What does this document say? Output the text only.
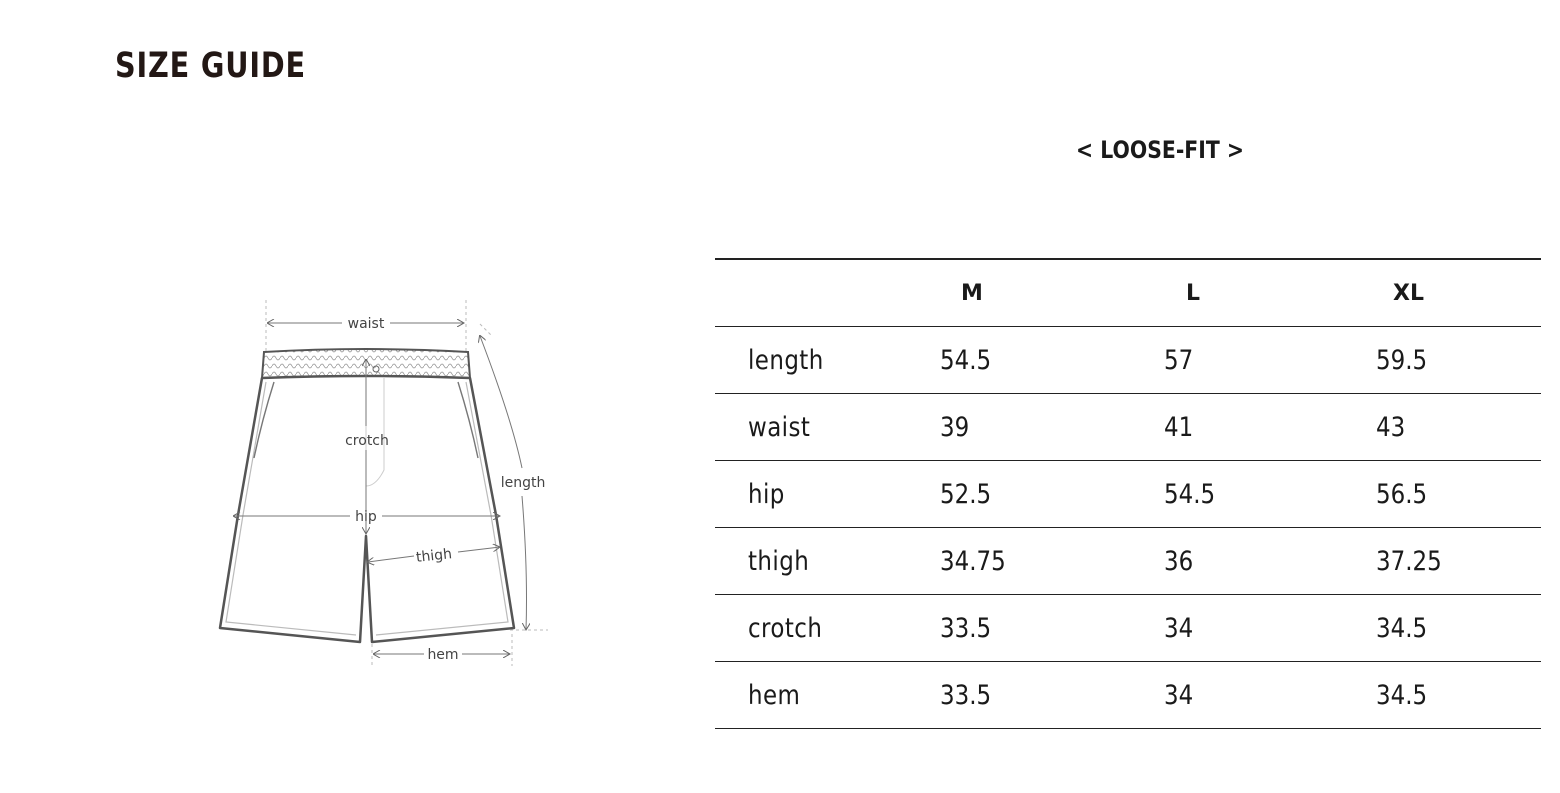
SIZE GUIDE
< LOOSE-FIT >
waist
crotch
hip
thigh
length
hem
	M	L	XL
length	54.5	57	59.5
waist	39	41	43
hip	52.5	54.5	56.5
thigh	34.75	36	37.25
crotch	33.5	34	34.5
hem	33.5	34	34.5
